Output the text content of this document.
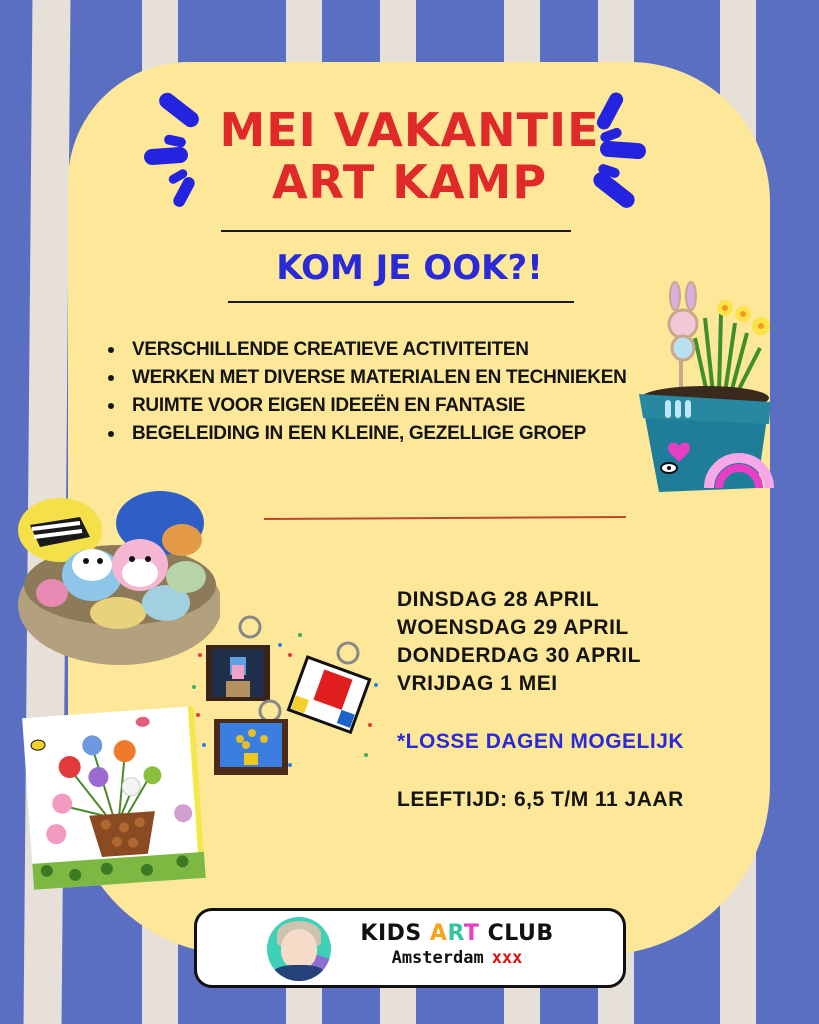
MEI VAKANTIE
ART KAMP
KOM JE OOK?!
VERSCHILLENDE CREATIEVE ACTIVITEITEN
WERKEN MET DIVERSE MATERIALEN EN TECHNIEKEN
RUIMTE VOOR EIGEN IDEEËN EN FANTASIE
BEGELEIDING IN EEN KLEINE, GEZELLIGE GROEP
DINSDAG 28 APRIL
WOENSDAG 29 APRIL
DONDERDAG 30 APRIL
VRIJDAG 1 MEI
*LOSSE DAGEN MOGELIJK
LEEFTIJD: 6,5 T/M 11 JAAR
KIDS ART CLUB
Amsterdam xxx
